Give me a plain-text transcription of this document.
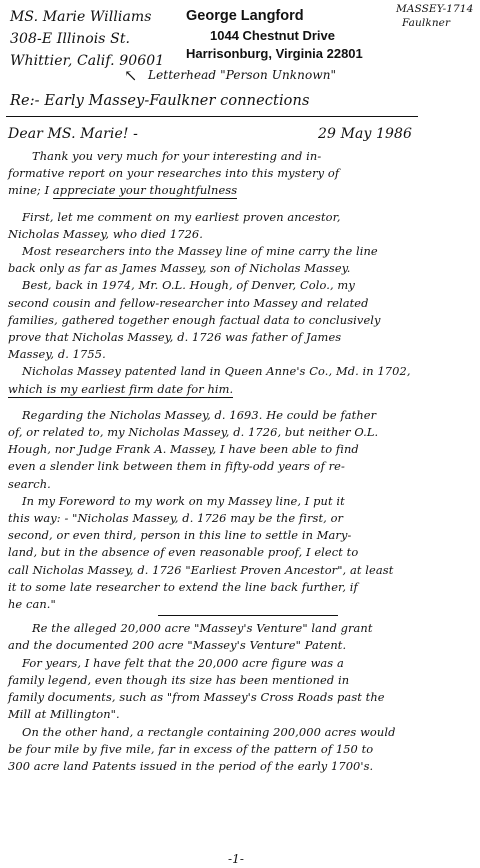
George Langford
1044 Chestnut Drive
Harrisonburg, Virginia 22801
MS. Marie Williams
308-E Illinois St.
Whittier, Calif. 90601
MASSEY-1714
Faulkner
↖ Letterhead "Person Unknown"
Re:- Early Massey-Faulkner connections
Dear MS. Marie! -	29 May 1986

Thank you very much for your interesting and in-

formative report on your researches into this mystery of

mine; I appreciate your thoughtfulness

First, let me comment on my earliest proven ancestor,

Nicholas Massey, who died 1726.

Most researchers into the Massey line of mine carry the line

back only as far as James Massey, son of Nicholas Massey.

Best, back in 1974, Mr. O.L. Hough, of Denver, Colo., my

second cousin and fellow-researcher into Massey and related

families, gathered together enough factual data to conclusively

prove that Nicholas Massey, d. 1726 was father of James

Massey, d. 1755.

Nicholas Massey patented land in Queen Anne's Co., Md. in 1702,

which is my earliest firm date for him.

Regarding the Nicholas Massey, d. 1693. He could be father

of, or related to, my Nicholas Massey, d. 1726, but neither O.L.

Hough, nor Judge Frank A. Massey, I have been able to find

even a slender link between them in fifty-odd years of re-

search.

In my Foreword to my work on my Massey line, I put it

this way: - "Nicholas Massey, d. 1726 may be the first, or

second, or even third, person in this line to settle in Mary-

land, but in the absence of even reasonable proof, I elect to

call Nicholas Massey, d. 1726 "Earliest Proven Ancestor", at least

it to some late researcher to extend the line back further, if

he can."

Re the alleged 20,000 acre "Massey's Venture" land grant

and the documented 200 acre "Massey's Venture" Patent.

For years, I have felt that the 20,000 acre figure was a

family legend, even though its size has been mentioned in

family documents, such as "from Massey's Cross Roads past the

Mill at Millington".

On the other hand, a rectangle containing 200,000 acres would

be four mile by five mile, far in excess of the pattern of 150 to

300 acre land Patents issued in the period of the early 1700's.

-1-
